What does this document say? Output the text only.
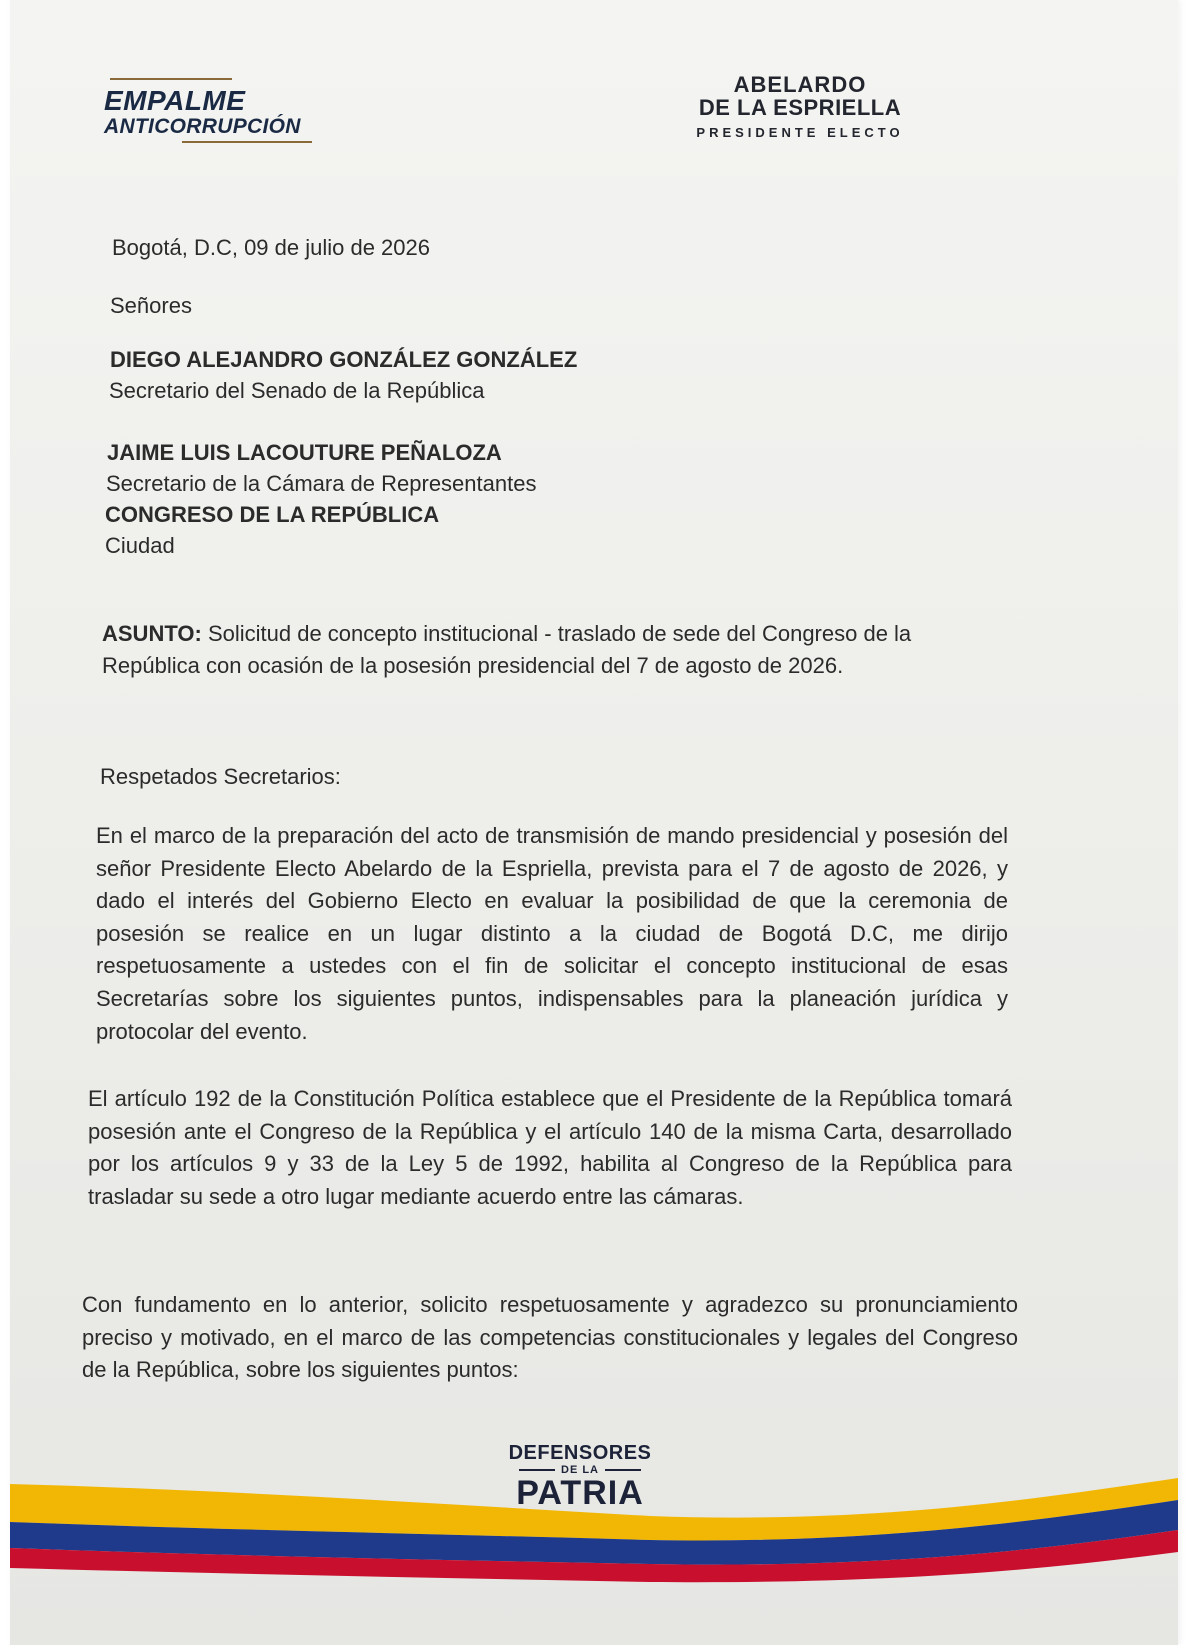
EMPALME
ANTICORRUPCIÓN
ABELARDO
DE LA ESPRIELLA
PRESIDENTE ELECTO
Bogotá, D.C, 09 de julio de 2026
Señores
DIEGO ALEJANDRO GONZÁLEZ GONZÁLEZ
Secretario del Senado de la República
JAIME LUIS LACOUTURE PEÑALOZA
Secretario de la Cámara de Representantes
CONGRESO DE LA REPÚBLICA
Ciudad
ASUNTO: Solicitud de concepto institucional - traslado de sede del Congreso de la
República con ocasión de la posesión presidencial del 7 de agosto de 2026.
Respetados Secretarios:
En el marco de la preparación del acto de transmisión de mando presidencial y posesión del señor Presidente Electo Abelardo de la Espriella, prevista para el 7 de agosto de 2026, y dado el interés del Gobierno Electo en evaluar la posibilidad de que la ceremonia de posesión se realice en un lugar distinto a la ciudad de Bogotá D.C, me dirijo respetuosamente a ustedes con el fin de solicitar el concepto institucional de esas Secretarías sobre los siguientes puntos, indispensables para la planeación jurídica y protocolar del evento.
El artículo 192 de la Constitución Política establece que el Presidente de la República tomará posesión ante el Congreso de la República y el artículo 140 de la misma Carta, desarrollado por los artículos 9 y 33 de la Ley 5 de 1992, habilita al Congreso de la República para trasladar su sede a otro lugar mediante acuerdo entre las cámaras.
Con fundamento en lo anterior, solicito respetuosamente y agradezco su pronunciamiento preciso y motivado, en el marco de las competencias constitucionales y legales del Congreso de la República, sobre los siguientes puntos:
DEFENSORES
DE LA
PATRIA
